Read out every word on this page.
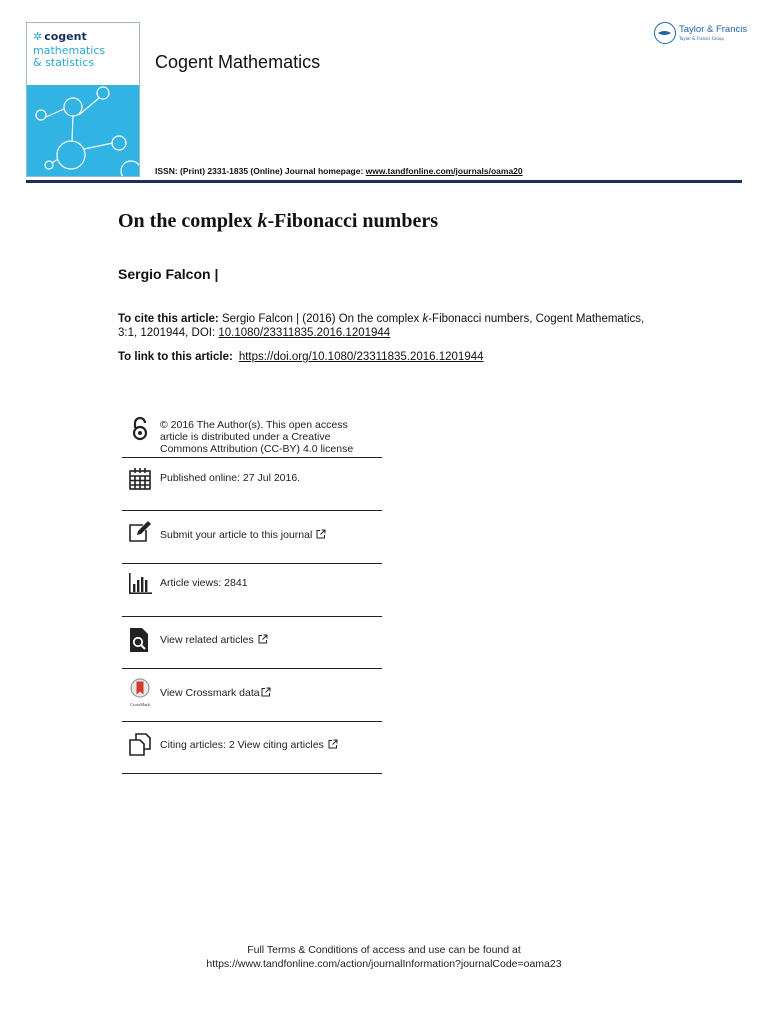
✲ cogent
mathematics
& statistics	Cogent Mathematics
Taylor & Francis
Taylor & Francis Group
ISSN: (Print) 2331-1835 (Online) Journal homepage: www.tandfonline.com/journals/oama20
On the complex k-Fibonacci numbers
Sergio Falcon |
To cite this article: Sergio Falcon | (2016) On the complex k-Fibonacci numbers, Cogent Mathematics, 3:1, 1201944, DOI: 10.1080/23311835.2016.1201944
To link to this article: https://doi.org/10.1080/23311835.2016.1201944
© 2016 The Author(s). This open access article is distributed under a Creative Commons Attribution (CC-BY) 4.0 license
Published online: 27 Jul 2016.
Submit your article to this journal
Article views: 2841
View related articles
CrossMark
View Crossmark data
Citing articles: 2 View citing articles
Full Terms & Conditions of access and use can be found at
https://www.tandfonline.com/action/journalInformation?journalCode=oama23
